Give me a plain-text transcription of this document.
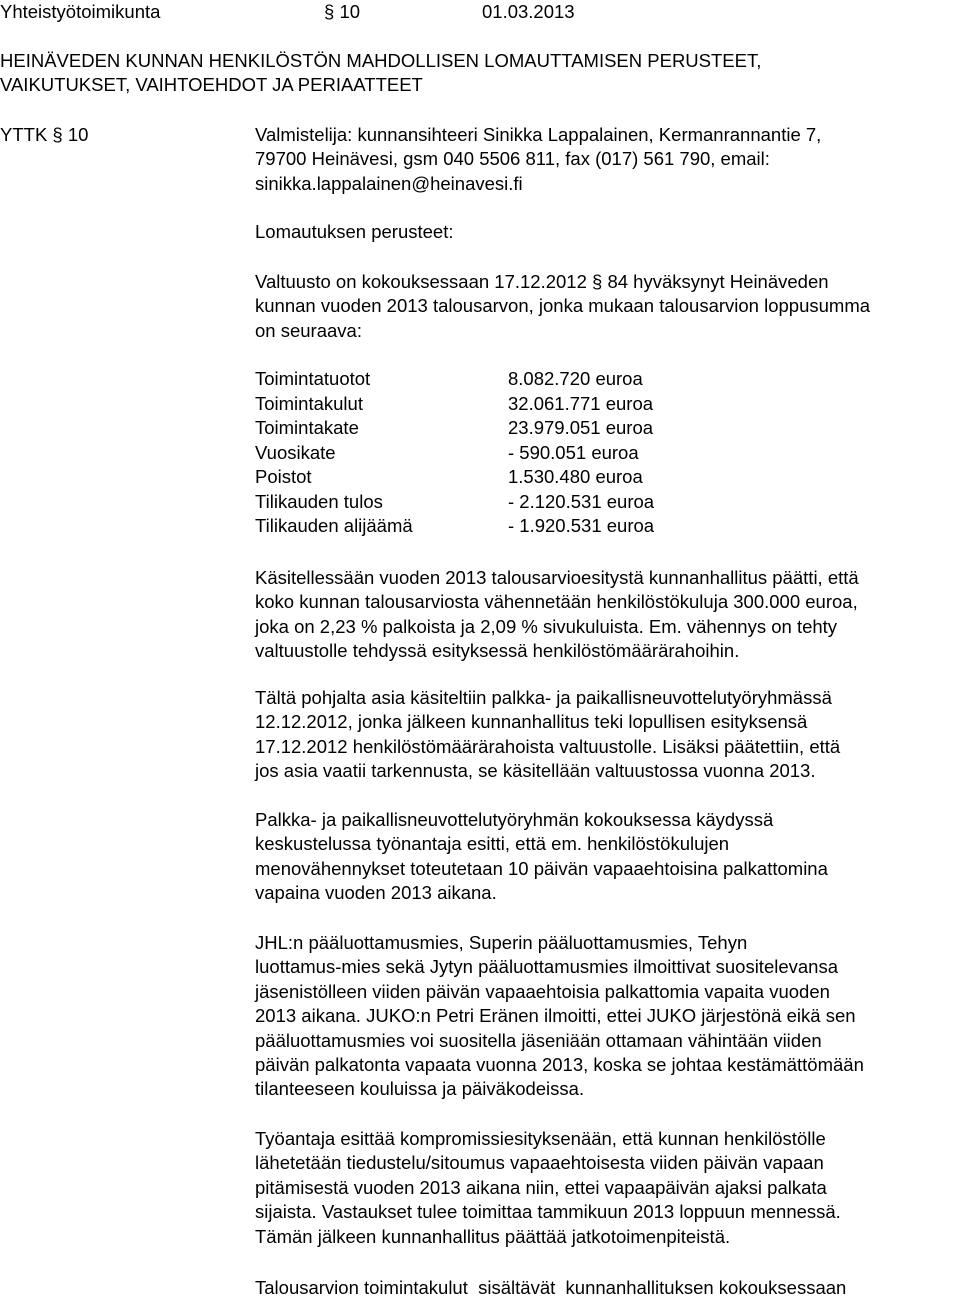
Yhteistyötoimikunta	§ 10	01.03.2013
HEINÄVEDEN KUNNAN HENKILÖSTÖN MAHDOLLISEN LOMAUTTAMISEN PERUSTEET,
VAIKUTUKSET, VAIHTOEHDOT JA PERIAATTEET
YTTK § 10	Valmistelija: kunnansihteeri Sinikka Lappalainen, Kermanrannantie 7,
79700 Heinävesi, gsm 040 5506 811, fax (017) 561 790, email:
sinikka.lappalainen@heinavesi.fi
Lomautuksen perusteet:
Valtuusto on kokouksessaan 17.12.2012 § 84 hyväksynyt Heinäveden
kunnan vuoden 2013 talousarvon, jonka mukaan talousarvion loppusumma
on seuraava:
Toimintatuotot	8.082.720 euroa
Toimintakulut	32.061.771 euroa
Toimintakate	23.979.051 euroa
Vuosikate	- 590.051 euroa
Poistot	1.530.480 euroa
Tilikauden tulos	- 2.120.531 euroa
Tilikauden alijäämä	- 1.920.531 euroa
Käsitellessään vuoden 2013 talousarvioesitystä kunnanhallitus päätti, että
koko kunnan talousarviosta vähennetään henkilöstökuluja 300.000 euroa,
joka on 2,23 % palkoista ja 2,09 % sivukuluista. Em. vähennys on tehty
valtuustolle tehdyssä esityksessä henkilöstömäärärahoihin.
Tältä pohjalta asia käsiteltiin palkka- ja paikallisneuvottelutyöryhmässä
12.12.2012, jonka jälkeen kunnanhallitus teki lopullisen esityksensä
17.12.2012 henkilöstömäärärahoista valtuustolle. Lisäksi päätettiin, että
jos asia vaatii tarkennusta, se käsitellään valtuustossa vuonna 2013.
Palkka- ja paikallisneuvottelutyöryhmän kokouksessa käydyssä
keskustelussa työnantaja esitti, että em. henkilöstökulujen
menovähennykset toteutetaan 10 päivän vapaaehtoisina palkattomina
vapaina vuoden 2013 aikana.
JHL:n pääluottamusmies, Superin pääluottamusmies, Tehyn
luottamus-mies sekä Jytyn pääluottamusmies ilmoittivat suositelevansa
jäsenistölleen viiden päivän vapaaehtoisia palkattomia vapaita vuoden
2013 aikana. JUKO:n Petri Eränen ilmoitti, ettei JUKO järjestönä eikä sen
pääluottamusmies voi suositella jäseniään ottamaan vähintään viiden
päivän palkatonta vapaata vuonna 2013, koska se johtaa kestämättömään
tilanteeseen kouluissa ja päiväkodeissa.
Työantaja esittää kompromissiesityksenään, että kunnan henkilöstölle
lähetetään tiedustelu/sitoumus vapaaehtoisesta viiden päivän vapaan
pitämisestä vuoden 2013 aikana niin, ettei vapaapäivän ajaksi palkata
sijaista. Vastaukset tulee toimittaa tammikuun 2013 loppuun mennessä.
Tämän jälkeen kunnanhallitus päättää jatkotoimenpiteistä.
Talousarvion toimintakulut  sisältävät  kunnanhallituksen kokouksessaan
